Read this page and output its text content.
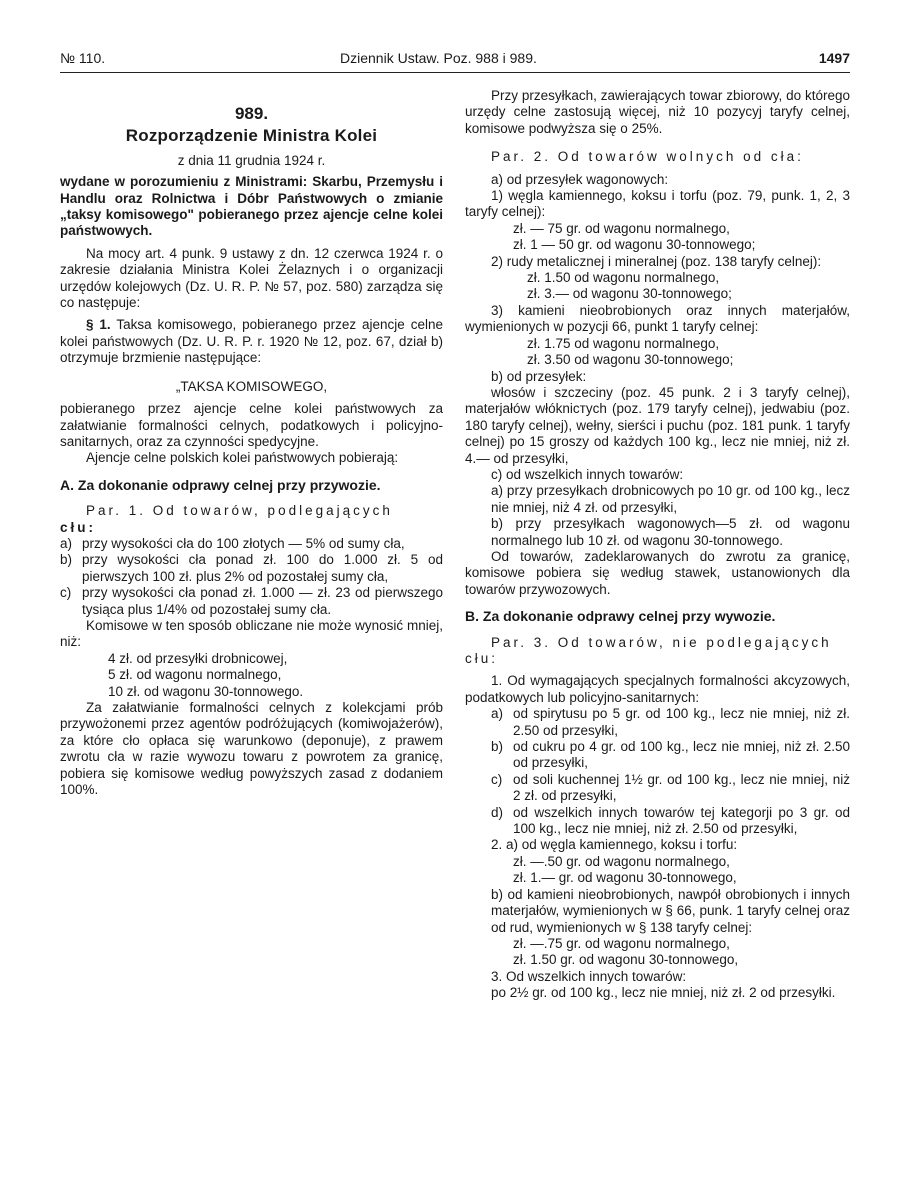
№ 110.	Dziennik Ustaw. Poz. 988 i 989.	1497

989.

Rozporządzenie Ministra Kolei

z dnia 11 grudnia 1924 r.

wydane w porozumieniu z Ministrami: Skarbu, Przemysłu i Handlu oraz Rolnictwa i Dóbr Państwowych o zmianie „taksy komisowego" pobieranego przez ajencje celne kolei państwowych.

Na mocy art. 4 punk. 9 ustawy z dn. 12 czerwca 1924 r. o zakresie działania Ministra Kolei Żelaznych i o organizacji urzędów kolejowych (Dz. U. R. P. № 57, poz. 580) zarządza się co następuje:

§ 1. Taksa komisowego, pobieranego przez ajencje celne kolei państwowych (Dz. U. R. P. r. 1920 № 12, poz. 67, dział b) otrzymuje brzmienie następujące:

„TAKSA KOMISOWEGO,

pobieranego przez ajencje celne kolei państwowych za załatwianie formalności celnych, podatkowych i policyjno-sanitarnych, oraz za czynności spedycyjne.

Ajencje celne polskich kolei państwowych pobierają:

A. Za dokonanie odprawy celnej przy przywozie.

Par. 1. Od towarów, podlegających

cłu:

a) przy wysokości cła do 100 złotych — 5% od sumy cła,
b) przy wysokości cła ponad zł. 100 do 1.000 zł. 5 od pierwszych 100 zł. plus 2% od pozostałej sumy cła,
c) przy wysokości cła ponad zł. 1.000 — zł. 23 od pierwszego tysiąca plus 1/4% od pozostałej sumy cła.

Komisowe w ten sposób obliczane nie może wynosić mniej, niż:

4 zł. od przesyłki drobnicowej,

5 zł. od wagonu normalnego,

10 zł. od wagonu 30-tonnowego.

Za załatwianie formalności celnych z kolekcjami prób przywożonemi przez agentów podróżujących (komiwojażerów), za które cło opłaca się warunkowo (deponuje), z prawem zwrotu cła w razie wywozu towaru z powrotem za granicę, pobiera się komisowe według powyższych zasad z dodaniem 100%.

Przy przesyłkach, zawierających towar zbiorowy, do którego urzędy celne zastosują więcej, niż 10 pozycyj taryfy celnej, komisowe podwyższa się o 25%.

Par. 2. Od towarów wolnych od cła:

a) od przesyłek wagonowych:

1) węgla kamiennego, koksu i torfu (poz. 79, punk. 1, 2, 3 taryfy celnej):

zł. — 75 gr. od wagonu normalnego,

zł. 1 — 50 gr. od wagonu 30-tonnowego;

2) rudy metalicznej i mineralnej (poz. 138 taryfy celnej):

zł. 1.50 od wagonu normalnego,

zł. 3.— od wagonu 30-tonnowego;

3) kamieni nieobrobionych oraz innych materjałów, wymienionych w pozycji 66, punkt 1 taryfy celnej:

zł. 1.75 od wagonu normalnego,

zł. 3.50 od wagonu 30-tonnowego;

b) od przesyłek:

włosów i szczeciny (poz. 45 punk. 2 i 3 taryfy celnej), materjałów włókniстych (poz. 179 taryfy celnej), jedwabiu (poz. 180 taryfy celnej), wełny, sierści i puchu (poz. 181 punk. 1 taryfy celnej) po 15 groszy od każdych 100 kg., lecz nie mniej, niż zł. 4.— od przesyłki,

c) od wszelkich innych towarów:

a) przy przesyłkach drobnicowych po 10 gr. od 100 kg., lecz nie mniej, niż 4 zł. od przesyłki,

b) przy przesyłkach wagonowych—5 zł. od wagonu normalnego lub 10 zł. od wagonu 30-tonnowego.

Od towarów, zadeklarowanych do zwrotu za granicę, komisowe pobiera się według stawek, ustanowionych dla towarów przywozowych.

B. Za dokonanie odprawy celnej przy wywozie.

Par. 3. Od towarów, nie podlegających cłu:

1. Od wymagających specjalnych formalności akcyzowych, podatkowych lub policyjno-sanitarnych:

a) od spirytusu po 5 gr. od 100 kg., lecz nie mniej, niż zł. 2.50 od przesyłki,
b) od cukru po 4 gr. od 100 kg., lecz nie mniej, niż zł. 2.50 od przesyłki,
c) od soli kuchennej 1½ gr. od 100 kg., lecz nie mniej, niż 2 zł. od przesyłki,
d) od wszelkich innych towarów tej kategorji po 3 gr. od 100 kg., lecz nie mniej, niż zł. 2.50 od przesyłki,

2. a) od węgla kamiennego, koksu i torfu:

zł. —.50 gr. od wagonu normalnego,

zł. 1.— gr. od wagonu 30-tonnowego,

b) od kamieni nieobrobionych, nawpół obrobionych i innych materjałów, wymienionych w § 66, punk. 1 taryfy celnej oraz od rud, wymienionych w § 138 taryfy celnej:

zł. —.75 gr. od wagonu normalnego,

zł. 1.50 gr. od wagonu 30-tonnowego,

3. Od wszelkich innych towarów:

po 2½ gr. od 100 kg., lecz nie mniej, niż zł. 2 od przesyłki.
